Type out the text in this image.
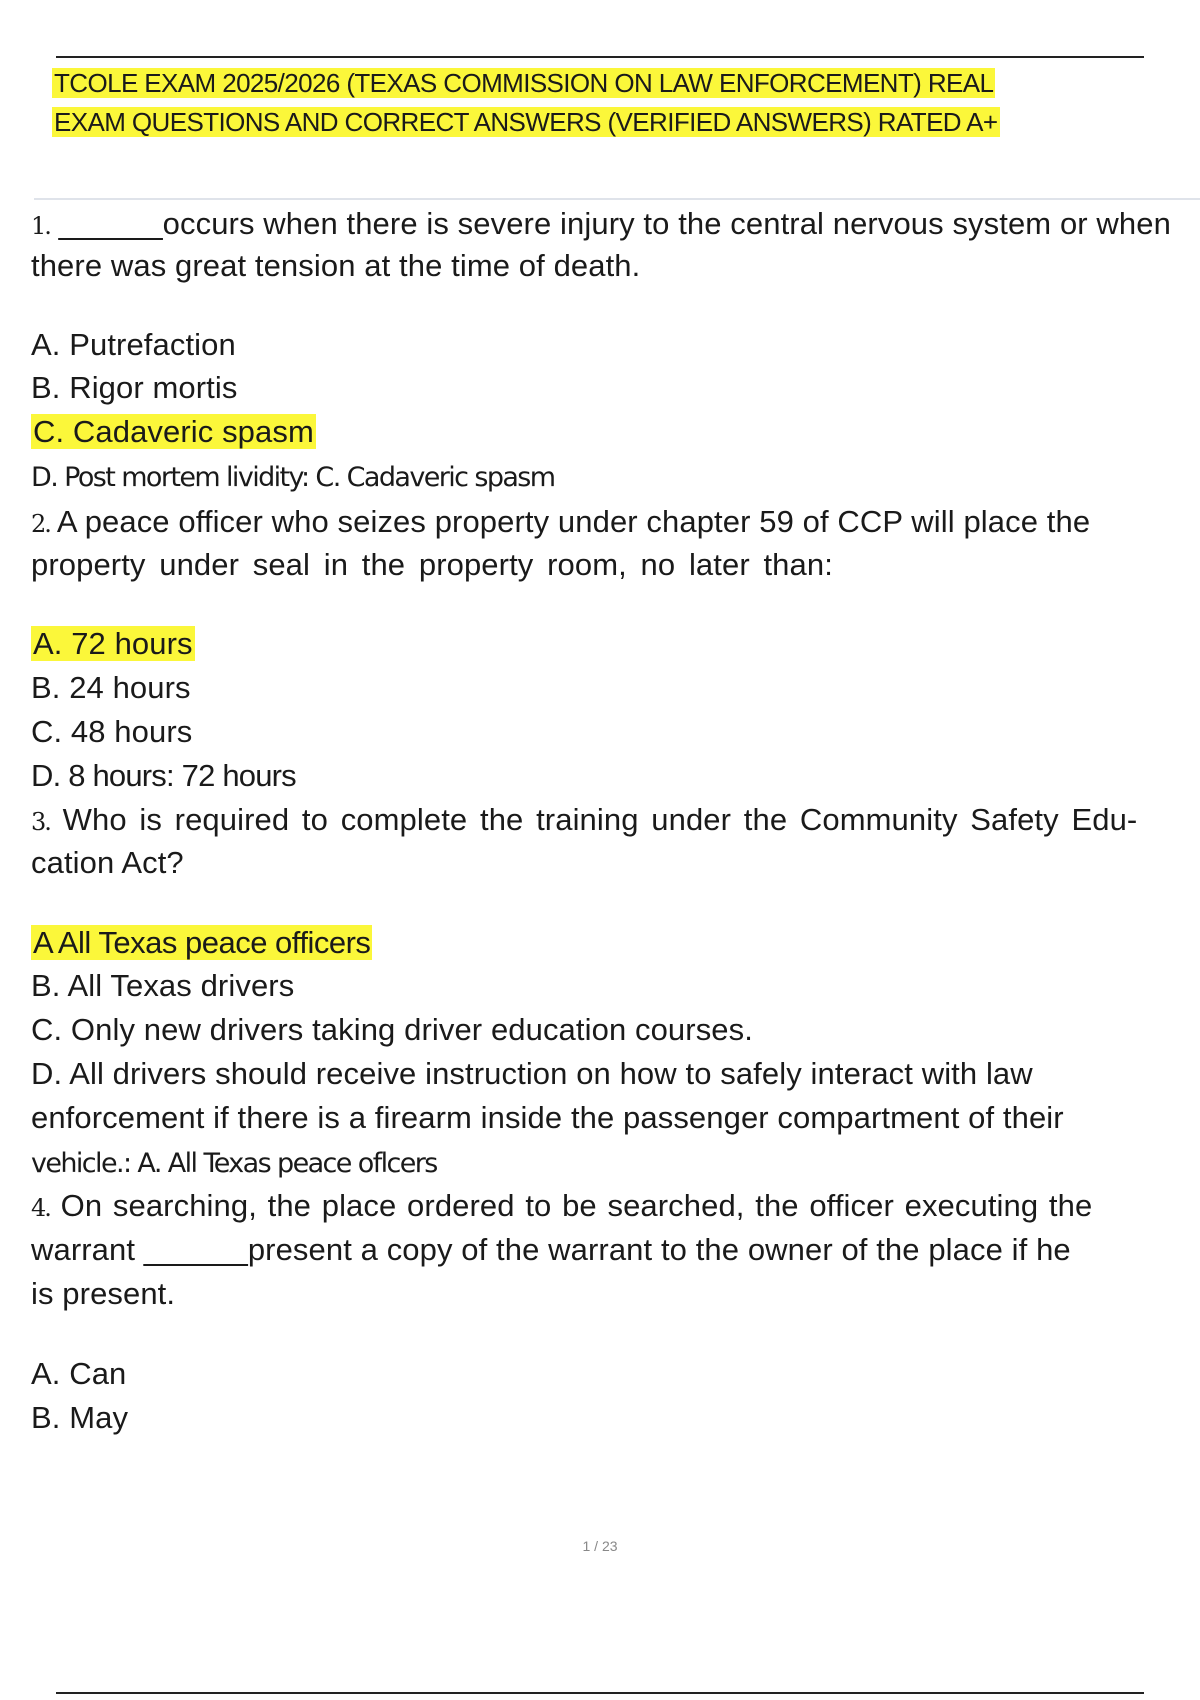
TCOLE EXAM 2025/2026 (TEXAS COMMISSION ON LAW ENFORCEMENT) REAL
EXAM QUESTIONS AND CORRECT ANSWERS (VERIFIED ANSWERS) RATED A+
1. ______occurs when there is severe injury to the central nervous system or when
there was great tension at the time of death.
A. Putrefaction
B. Rigor mortis
C. Cadaveric spasm
D. Post mortem lividity: C. Cadaveric spasm
2. A peace officer who seizes property under chapter 59 of CCP will place the
property under seal in the property room, no later than:
A. 72 hours
B. 24 hours
C. 48 hours
D. 8 hours: 72 hours
3. Who is required to complete the training under the Community Safety Edu-
cation Act?
A All Texas peace officers
B. All Texas drivers
C. Only new drivers taking driver education courses.
D. All drivers should receive instruction on how to safely interact with law
enforcement if there is a firearm inside the passenger compartment of their
vehicle.: A. All Texas peace oflcers
4. On searching, the place ordered to be searched, the officer executing the
warrant ______present a copy of the warrant to the owner of the place if he
is present.
A. Can
B. May
1 / 23
